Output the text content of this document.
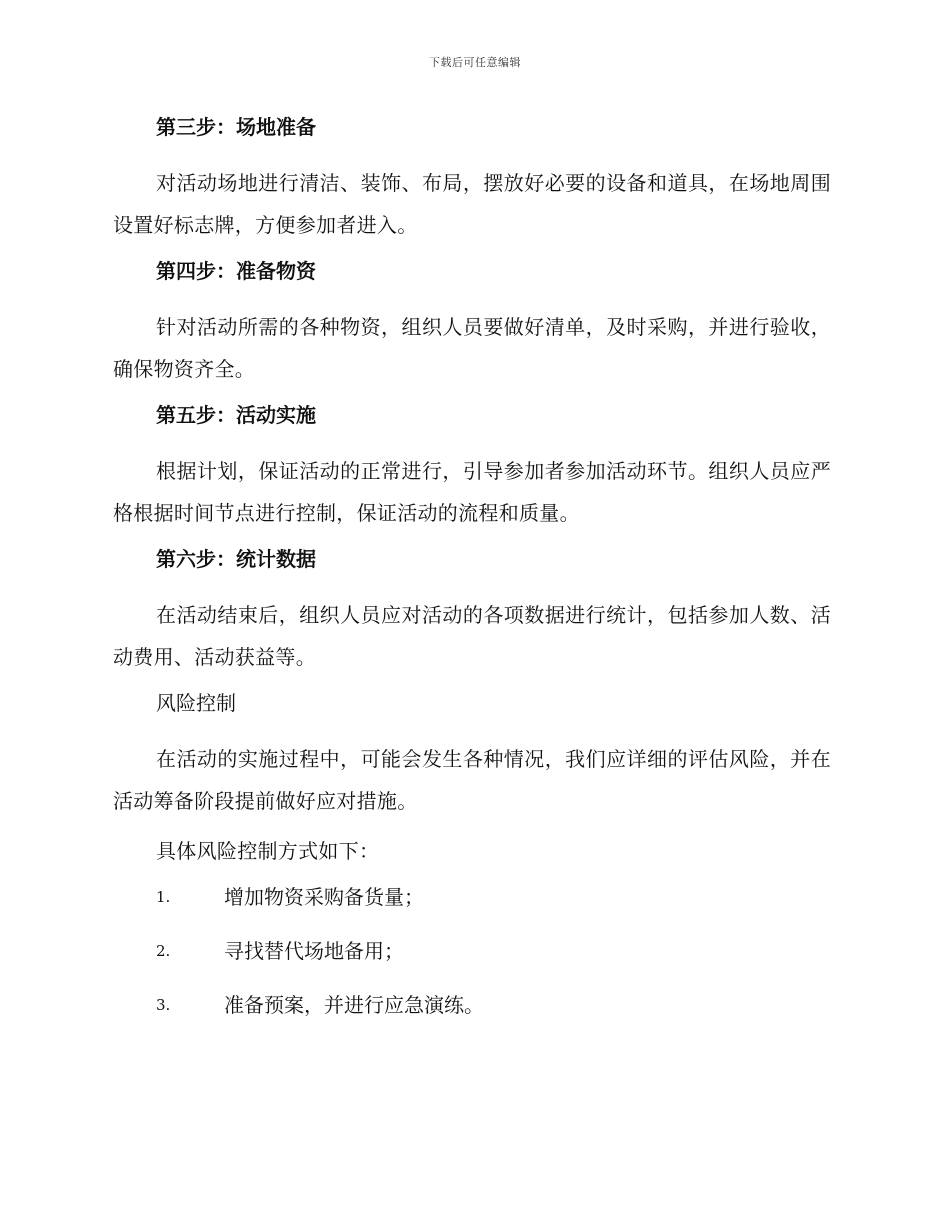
下载后可任意编辑
第三步：场地准备

对活动场地进行清洁、装饰、布局，摆放好必要的设备和道具，在场地周围设置好标志牌，方便参加者进入。

第四步：准备物资

针对活动所需的各种物资，组织人员要做好清单，及时采购，并进行验收，确保物资齐全。

第五步：活动实施

根据计划，保证活动的正常进行，引导参加者参加活动环节。组织人员应严格根据时间节点进行控制，保证活动的流程和质量。

第六步：统计数据

在活动结束后，组织人员应对活动的各项数据进行统计，包括参加人数、活动费用、活动获益等。

风险控制

在活动的实施过程中，可能会发生各种情况，我们应详细的评估风险，并在活动筹备阶段提前做好应对措施。

具体风险控制方式如下：

1.	增加物资采购备货量；
2.	寻找替代场地备用；
3.	准备预案，并进行应急演练。
